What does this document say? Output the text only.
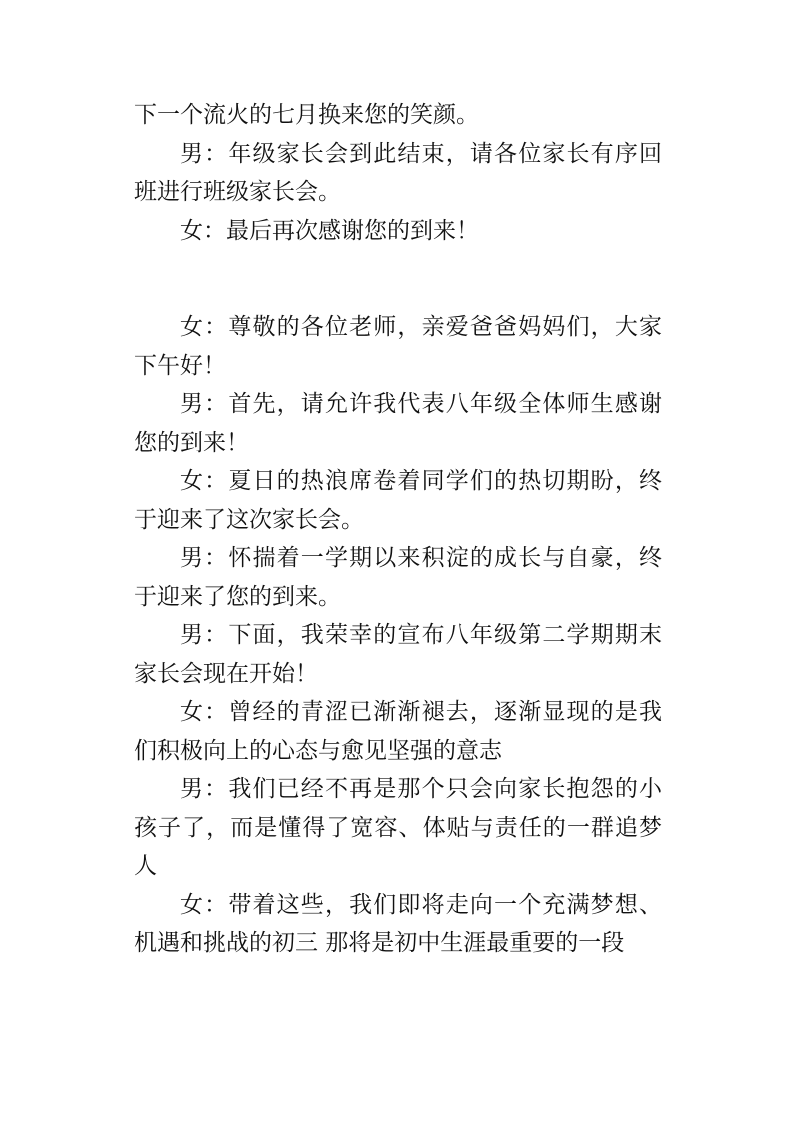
下一个流火的七月换来您的笑颜。

男：年级家长会到此结束，请各位家长有序回班进行班级家长会。

女：最后再次感谢您的到来！

女：尊敬的各位老师，亲爱爸爸妈妈们，大家下午好！

男：首先，请允许我代表八年级全体师生感谢您的到来！

女：夏日的热浪席卷着同学们的热切期盼，终于迎来了这次家长会。

男：怀揣着一学期以来积淀的成长与自豪，终于迎来了您的到来。

男：下面，我荣幸的宣布八年级第二学期期末家长会现在开始！

女：曾经的青涩已渐渐褪去，逐渐显现的是我们积极向上的心态与愈见坚强的意志

男：我们已经不再是那个只会向家长抱怨的小孩子了，而是懂得了宽容、体贴与责任的一群追梦人

女：带着这些，我们即将走向一个充满梦想、机遇和挑战的初三 那将是初中生涯最重要的一段
